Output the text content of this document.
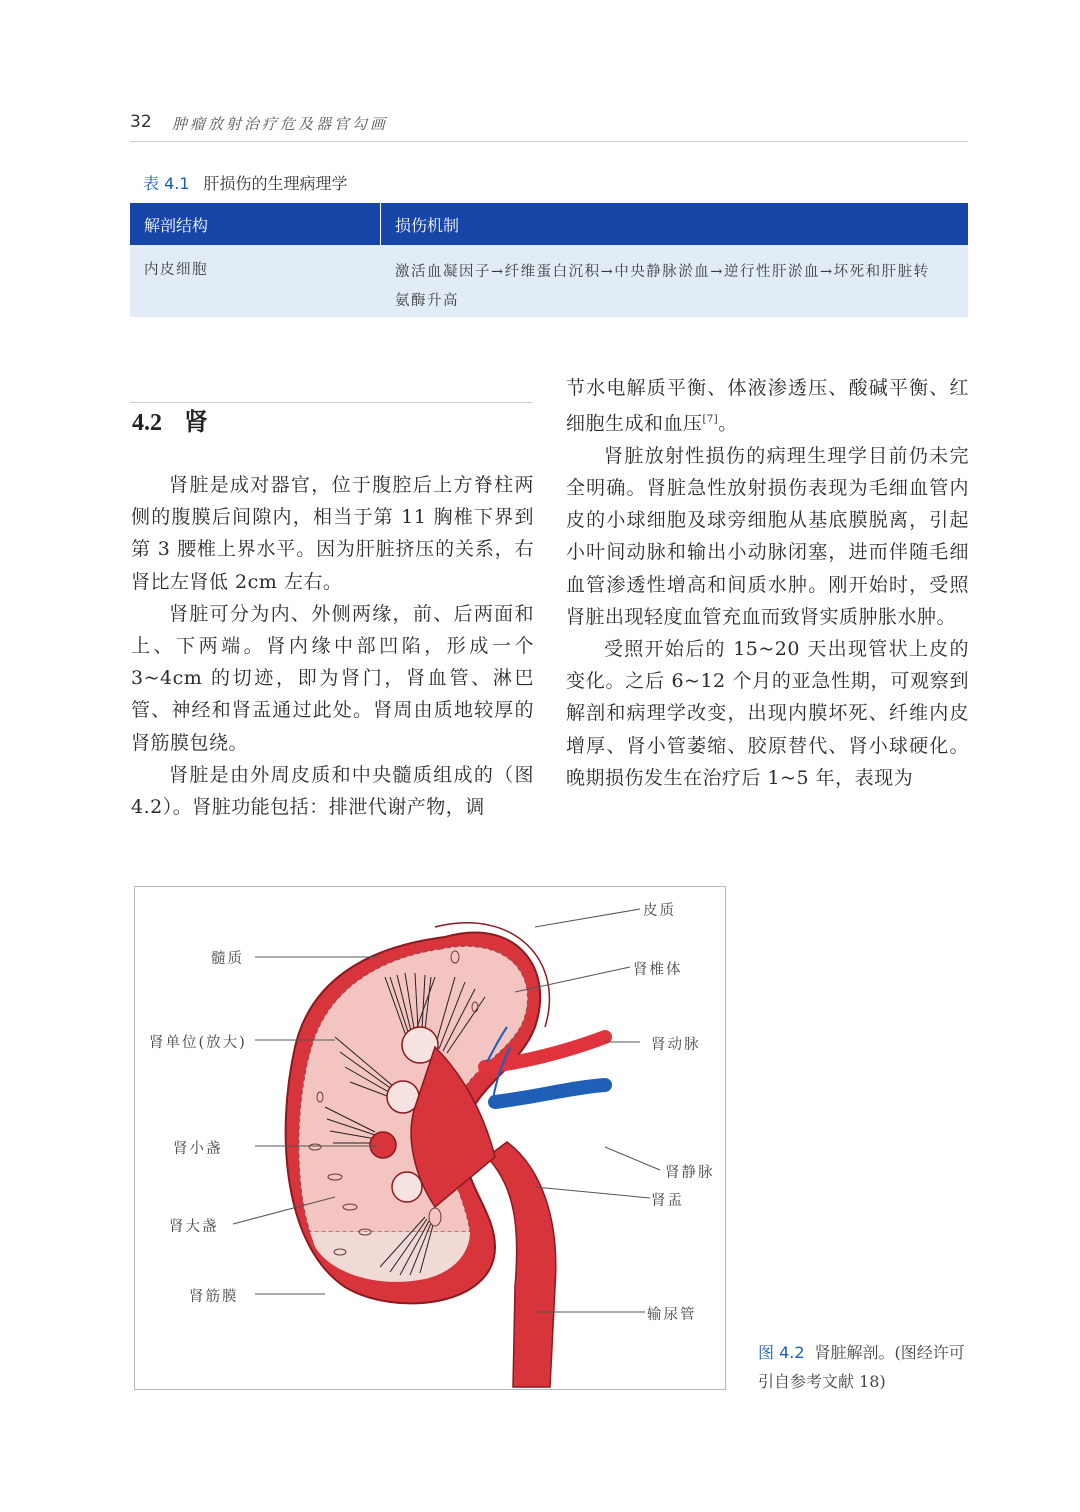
32 肿瘤放射治疗危及器官勾画
表 4.1 肝损伤的生理病理学
解剖结构	损伤机制
内皮细胞	激活血凝因子→纤维蛋白沉积→中央静脉淤血→逆行性肝淤血→坏死和肝脏转氨酶升高
4.2 肾

肾脏是成对器官，位于腹腔后上方脊柱两侧的腹膜后间隙内，相当于第 11 胸椎下界到第 3 腰椎上界水平。因为肝脏挤压的关系，右肾比左肾低 2cm 左右。

肾脏可分为内、外侧两缘，前、后两面和上、下两端。肾内缘中部凹陷，形成一个 3~4cm 的切迹，即为肾门，肾血管、淋巴管、神经和肾盂通过此处。肾周由质地较厚的肾筋膜包绕。

肾脏是由外周皮质和中央髓质组成的（图 4.2）。肾脏功能包括：排泄代谢产物，调

节水电解质平衡、体液渗透压、酸碱平衡、红细胞生成和血压[7]。

肾脏放射性损伤的病理生理学目前仍未完全明确。肾脏急性放射损伤表现为毛细血管内皮的小球细胞及球旁细胞从基底膜脱离，引起小叶间动脉和输出小动脉闭塞，进而伴随毛细血管渗透性增高和间质水肿。刚开始时，受照肾脏出现轻度血管充血而致肾实质肿胀水肿。

受照开始后的 15~20 天出现管状上皮的变化。之后 6~12 个月的亚急性期，可观察到解剖和病理学改变，出现内膜坏死、纤维内皮增厚、肾小管萎缩、胶原替代、肾小球硬化。晚期损伤发生在治疗后 1~5 年，表现为

髓质
肾单位(放大)
肾小盏
肾大盏
肾筋膜
皮质
肾椎体
肾动脉
肾静脉
肾盂
输尿管
图 4.2 肾脏解剖。(图经许可引自参考文献 18)
